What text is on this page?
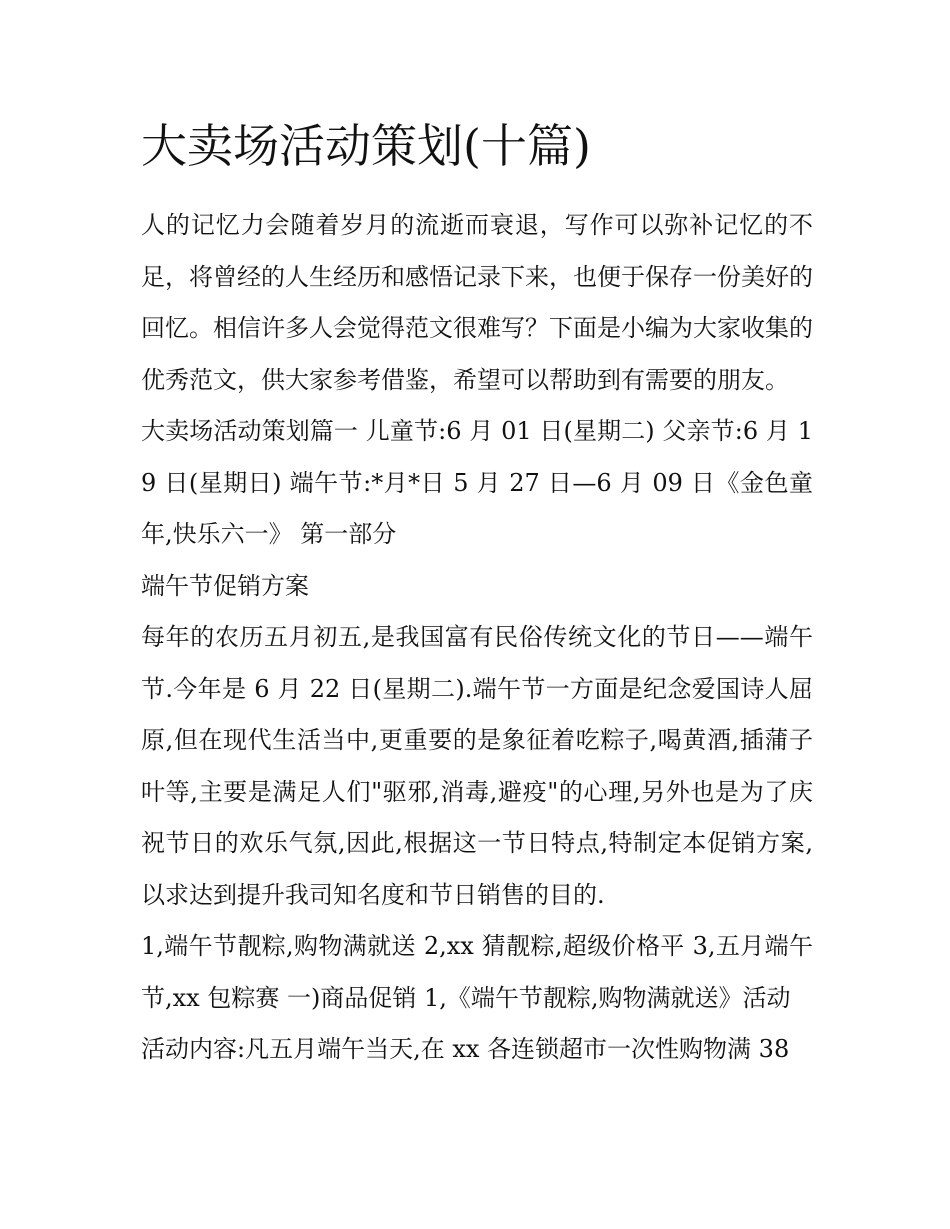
大卖场活动策划(十篇)

人的记忆力会随着岁月的流逝而衰退，写作可以弥补记忆的不足，将曾经的人生经历和感悟记录下来，也便于保存一份美好的回忆。相信许多人会觉得范文很难写？下面是小编为大家收集的优秀范文，供大家参考借鉴，希望可以帮助到有需要的朋友。

大卖场活动策划篇一 儿童节:6 月 01 日(星期二) 父亲节:6 月 19 日(星期日) 端午节:*月*日 5 月 27 日—6 月 09 日《金色童年,快乐六一》 第一部分

端午节促销方案

每年的农历五月初五,是我国富有民俗传统文化的节日——端午节.今年是 6 月 22 日(星期二).端午节一方面是纪念爱国诗人屈原,但在现代生活当中,更重要的是象征着吃粽子,喝黄酒,插蒲子叶等,主要是满足人们"驱邪,消毒,避疫"的心理,另外也是为了庆祝节日的欢乐气氛,因此,根据这一节日特点,特制定本促销方案,以求达到提升我司知名度和节日销售的目的.

1,端午节靓粽,购物满就送 2,xx 猜靓粽,超级价格平 3,五月端午节,xx 包粽赛 一)商品促销 1,《端午节靓粽,购物满就送》活动

活动内容:凡五月端午当天,在 xx 各连锁超市一次性购物满 38
